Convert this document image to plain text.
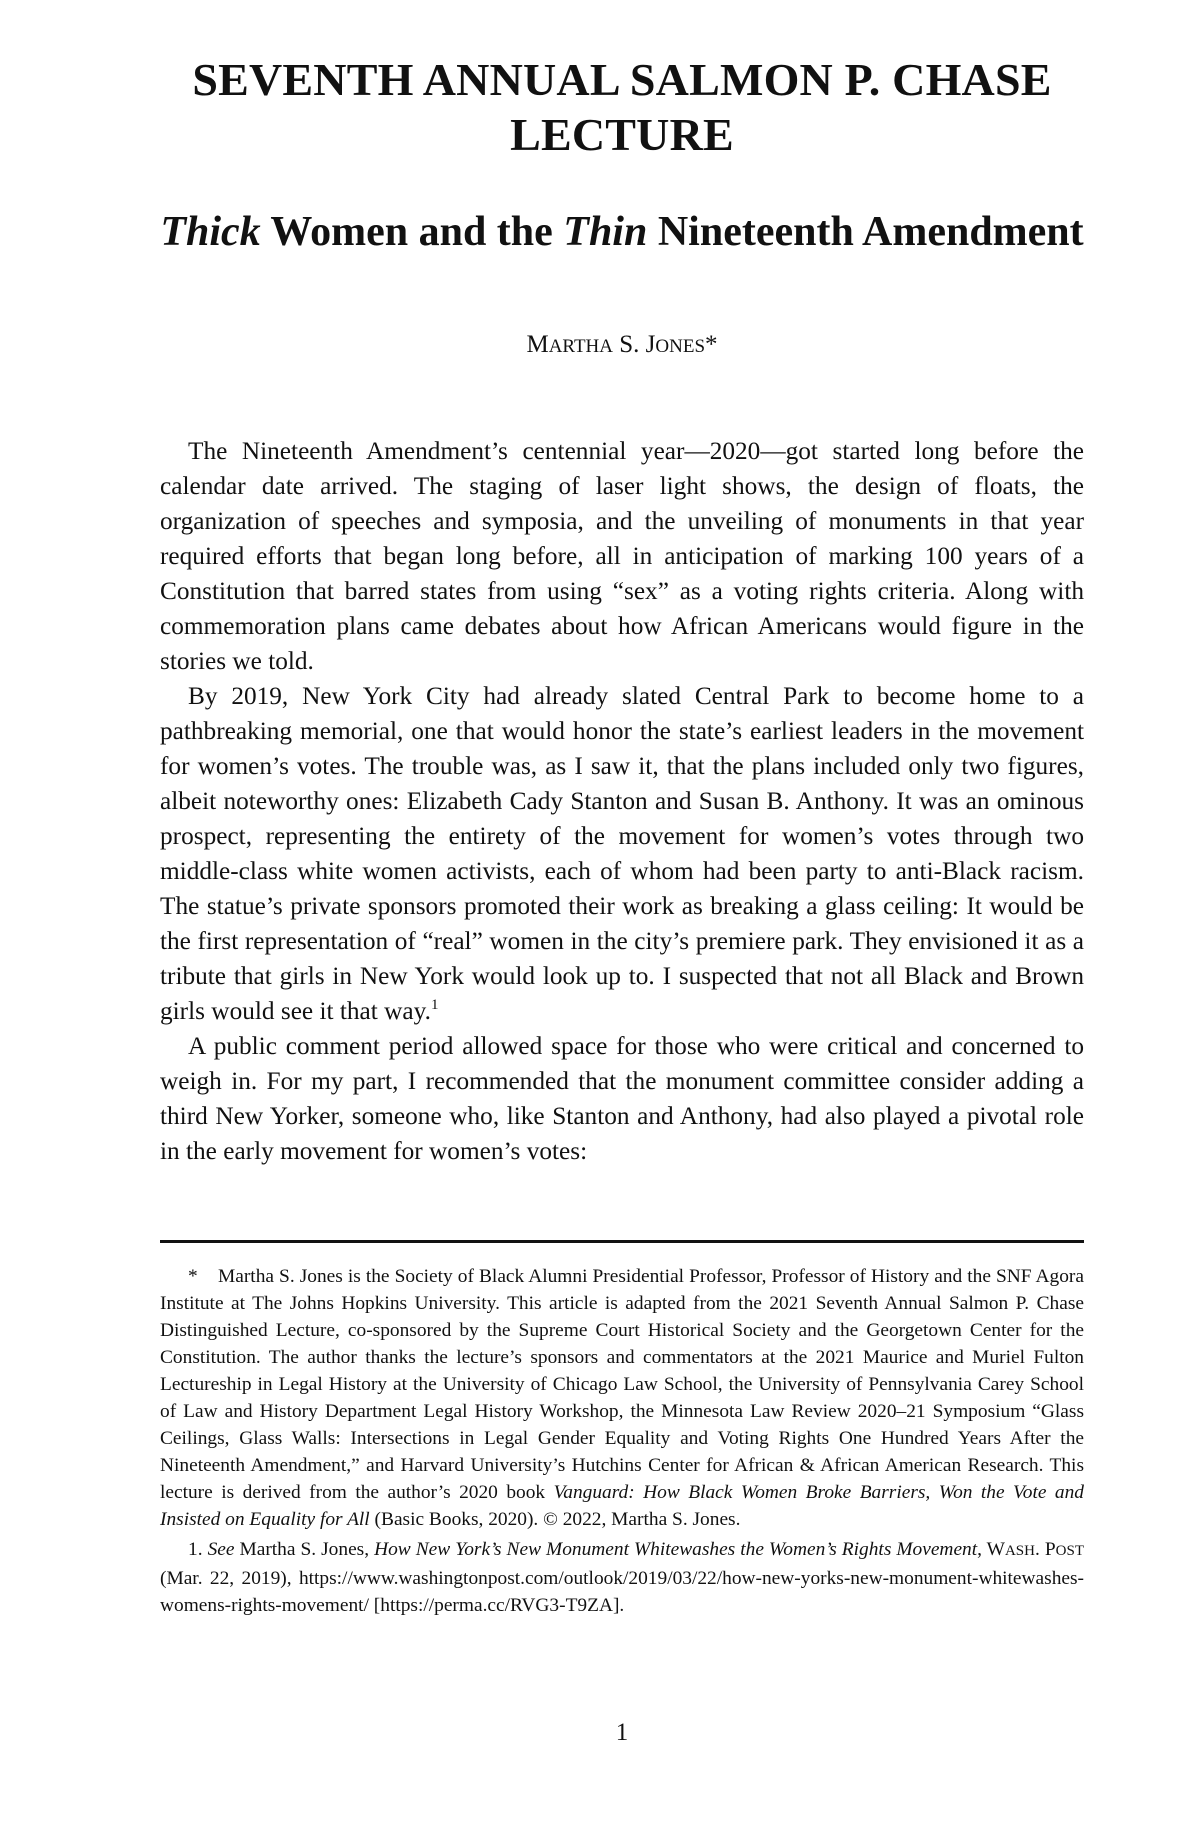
SEVENTH ANNUAL SALMON P. CHASE
LECTURE
Thick Women and the Thin Nineteenth Amendment
MARTHA S. JONES*

The Nineteenth Amendment’s centennial year—2020—got started long before the calendar date arrived. The staging of laser light shows, the design of floats, the organization of speeches and symposia, and the unveiling of monuments in that year required efforts that began long before, all in anticipation of marking 100 years of a Constitution that barred states from using “sex” as a voting rights criteria. Along with commemoration plans came debates about how African Americans would figure in the stories we told.

By 2019, New York City had already slated Central Park to become home to a pathbreaking memorial, one that would honor the state’s earliest leaders in the movement for women’s votes. The trouble was, as I saw it, that the plans included only two figures, albeit noteworthy ones: Elizabeth Cady Stanton and Susan B. Anthony. It was an ominous prospect, representing the entirety of the movement for women’s votes through two middle-class white women activists, each of whom had been party to anti-Black racism. The statue’s private sponsors promoted their work as breaking a glass ceiling: It would be the first representation of “real” women in the city’s premiere park. They envisioned it as a tribute that girls in New York would look up to. I suspected that not all Black and Brown girls would see it that way.$^1$

A public comment period allowed space for those who were critical and concerned to weigh in. For my part, I recommended that the monument committee consider adding a third New Yorker, someone who, like Stanton and Anthony, had also played a pivotal role in the early movement for women’s votes:

* Martha S. Jones is the Society of Black Alumni Presidential Professor, Professor of History and the SNF Agora Institute at The Johns Hopkins University. This article is adapted from the 2021 Seventh Annual Salmon P. Chase Distinguished Lecture, co-sponsored by the Supreme Court Historical Society and the Georgetown Center for the Constitution. The author thanks the lecture’s sponsors and commentators at the 2021 Maurice and Muriel Fulton Lectureship in Legal History at the University of Chicago Law School, the University of Pennsylvania Carey School of Law and History Department Legal History Workshop, the Minnesota Law Review 2020–21 Symposium “Glass Ceilings, Glass Walls: Intersections in Legal Gender Equality and Voting Rights One Hundred Years After the Nineteenth Amendment,” and Harvard University’s Hutchins Center for African & African American Research. This lecture is derived from the author’s 2020 book Vanguard: How Black Women Broke Barriers, Won the Vote and Insisted on Equality for All (Basic Books, 2020). © 2022, Martha S. Jones.

1. See Martha S. Jones, How New York’s New Monument Whitewashes the Women’s Rights Movement, WASH. POST (Mar. 22, 2019), https://www.washingtonpost.com/outlook/2019/03/22/how-new-yorks-new-monument-whitewashes-womens-rights-movement/ [https://perma.cc/RVG3-T9ZA].

1
